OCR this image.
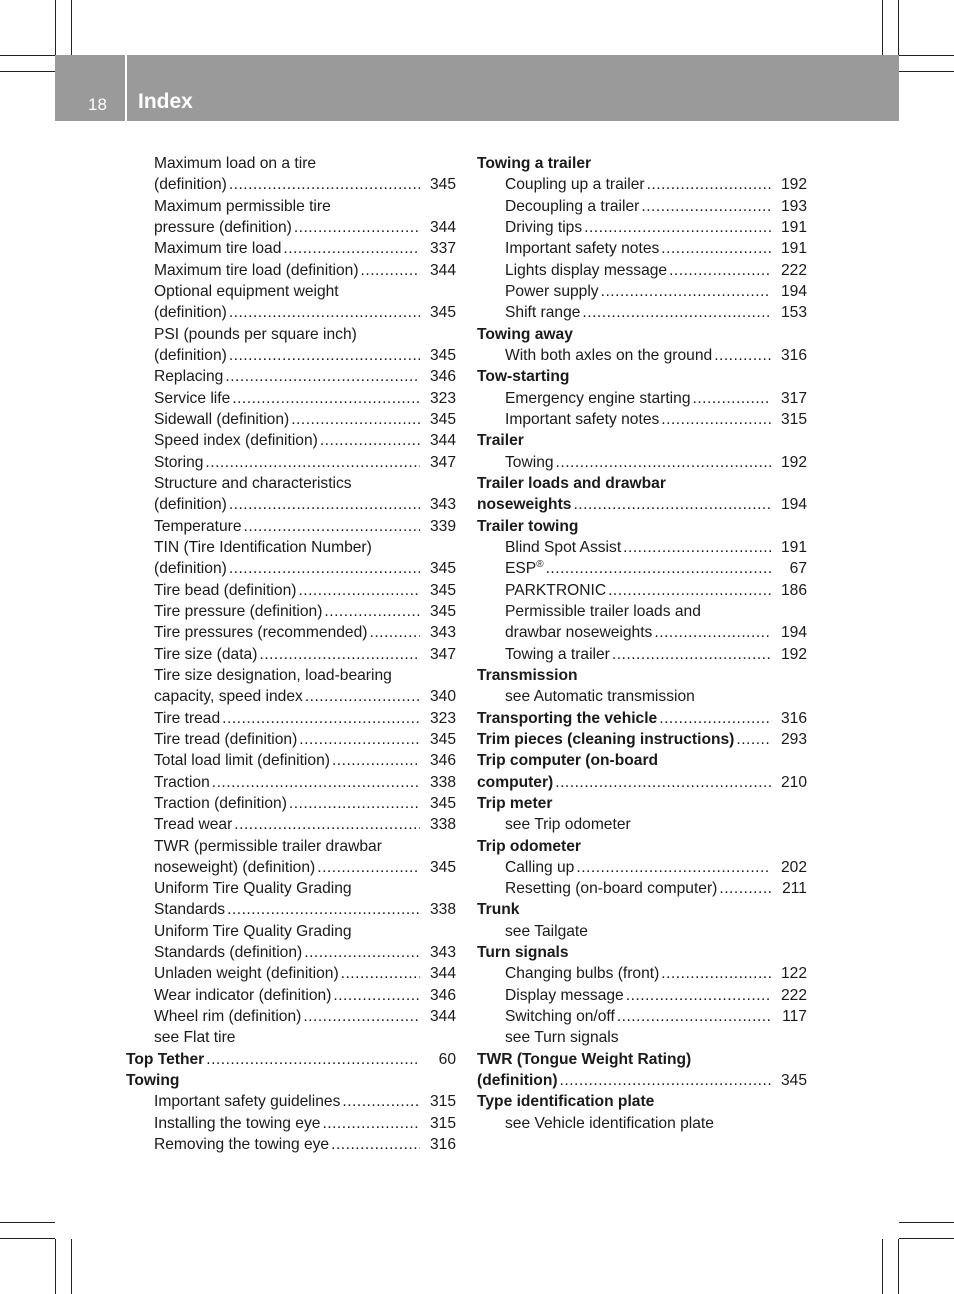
18 Index
Maximum load on a tire
(definition) .....	345
Maximum permissible tire
pressure (definition) .....	344
Maximum tire load .....	337
Maximum tire load (definition) .....	344
Optional equipment weight
(definition) .....	345
PSI (pounds per square inch)
(definition) .....	345
Replacing .....	346
Service life .....	323
Sidewall (definition) .....	345
Speed index (definition) .....	344
Storing .....	347
Structure and characteristics
(definition) .....	343
Temperature .....	339
TIN (Tire Identification Number)
(definition) .....	345
Tire bead (definition) .....	345
Tire pressure (definition) .....	345
Tire pressures (recommended) .....	343
Tire size (data) .....	347
Tire size designation, load-bearing
capacity, speed index .....	340
Tire tread .....	323
Tire tread (definition) .....	345
Total load limit (definition) .....	346
Traction .....	338
Traction (definition) .....	345
Tread wear .....	338
TWR (permissible trailer drawbar
noseweight) (definition) .....	345
Uniform Tire Quality Grading
Standards .....	338
Uniform Tire Quality Grading
Standards (definition) .....	343
Unladen weight (definition) .....	344
Wear indicator (definition) .....	346
Wheel rim (definition) .....	344
see Flat tire
Top Tether .....	60
Towing
Important safety guidelines .....	315
Installing the towing eye .....	315
Removing the towing eye .....	316
Towing a trailer
Coupling up a trailer .....	192
Decoupling a trailer .....	193
Driving tips .....	191
Important safety notes .....	191
Lights display message .....	222
Power supply .....	194
Shift range .....	153
Towing away
With both axles on the ground .....	316
Tow-starting
Emergency engine starting .....	317
Important safety notes .....	315
Trailer
Towing .....	192
Trailer loads and drawbar
noseweights .....	194
Trailer towing
Blind Spot Assist .....	191
ESP® .....	67
PARKTRONIC .....	186
Permissible trailer loads and
drawbar noseweights .....	194
Towing a trailer .....	192
Transmission
see Automatic transmission
Transporting the vehicle .....	316
Trim pieces (cleaning instructions) .....	293
Trip computer (on-board
computer) .....	210
Trip meter
see Trip odometer
Trip odometer
Calling up .....	202
Resetting (on-board computer) .....	211
Trunk
see Tailgate
Turn signals
Changing bulbs (front) .....	122
Display message .....	222
Switching on/off .....	117
see Turn signals
TWR (Tongue Weight Rating)
(definition) .....	345
Type identification plate
see Vehicle identification plate
